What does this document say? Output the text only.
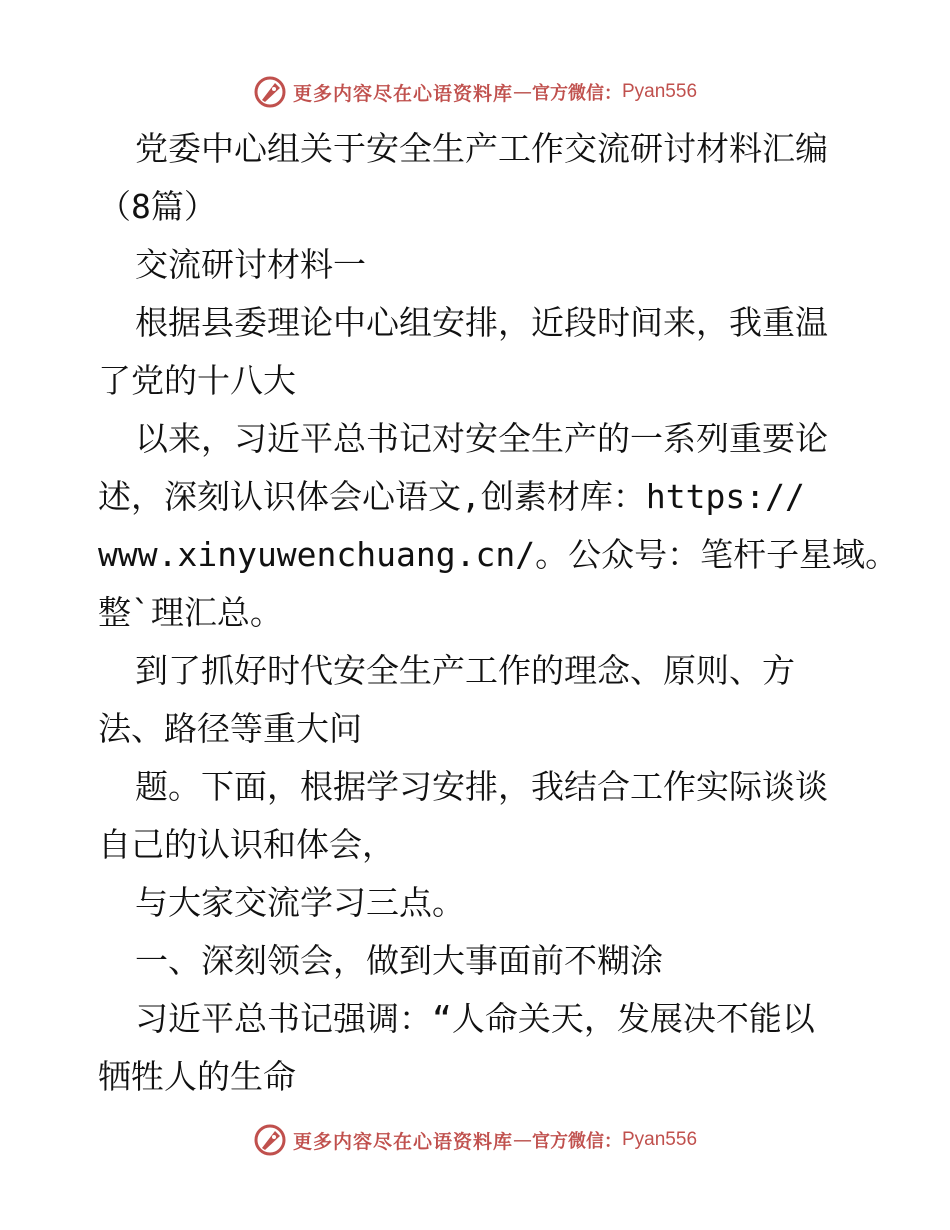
更多内容尽在心语资料库 — 官方微信： Pyan556
党委中心组关于安全生产工作交流研讨材料汇编
（8篇）
交流研讨材料一
根据县委理论中心组安排，近段时间来，我重温
了党的十八大
以来，习近平总书记对安全生产的一系列重要论
述，深刻认识体会心语文,创素材库：https://
www.xinyuwenchuang.cn/。公众号：笔杆子星域。
整`理汇总。
到了抓好时代安全生产工作的理念、原则、方
法、路径等重大问
题。下面，根据学习安排，我结合工作实际谈谈
自己的认识和体会，
与大家交流学习三点。
一、深刻领会，做到大事面前不糊涂
习近平总书记强调：“人命关天，发展决不能以
牺牲人的生命
更多内容尽在心语资料库 — 官方微信： Pyan556
